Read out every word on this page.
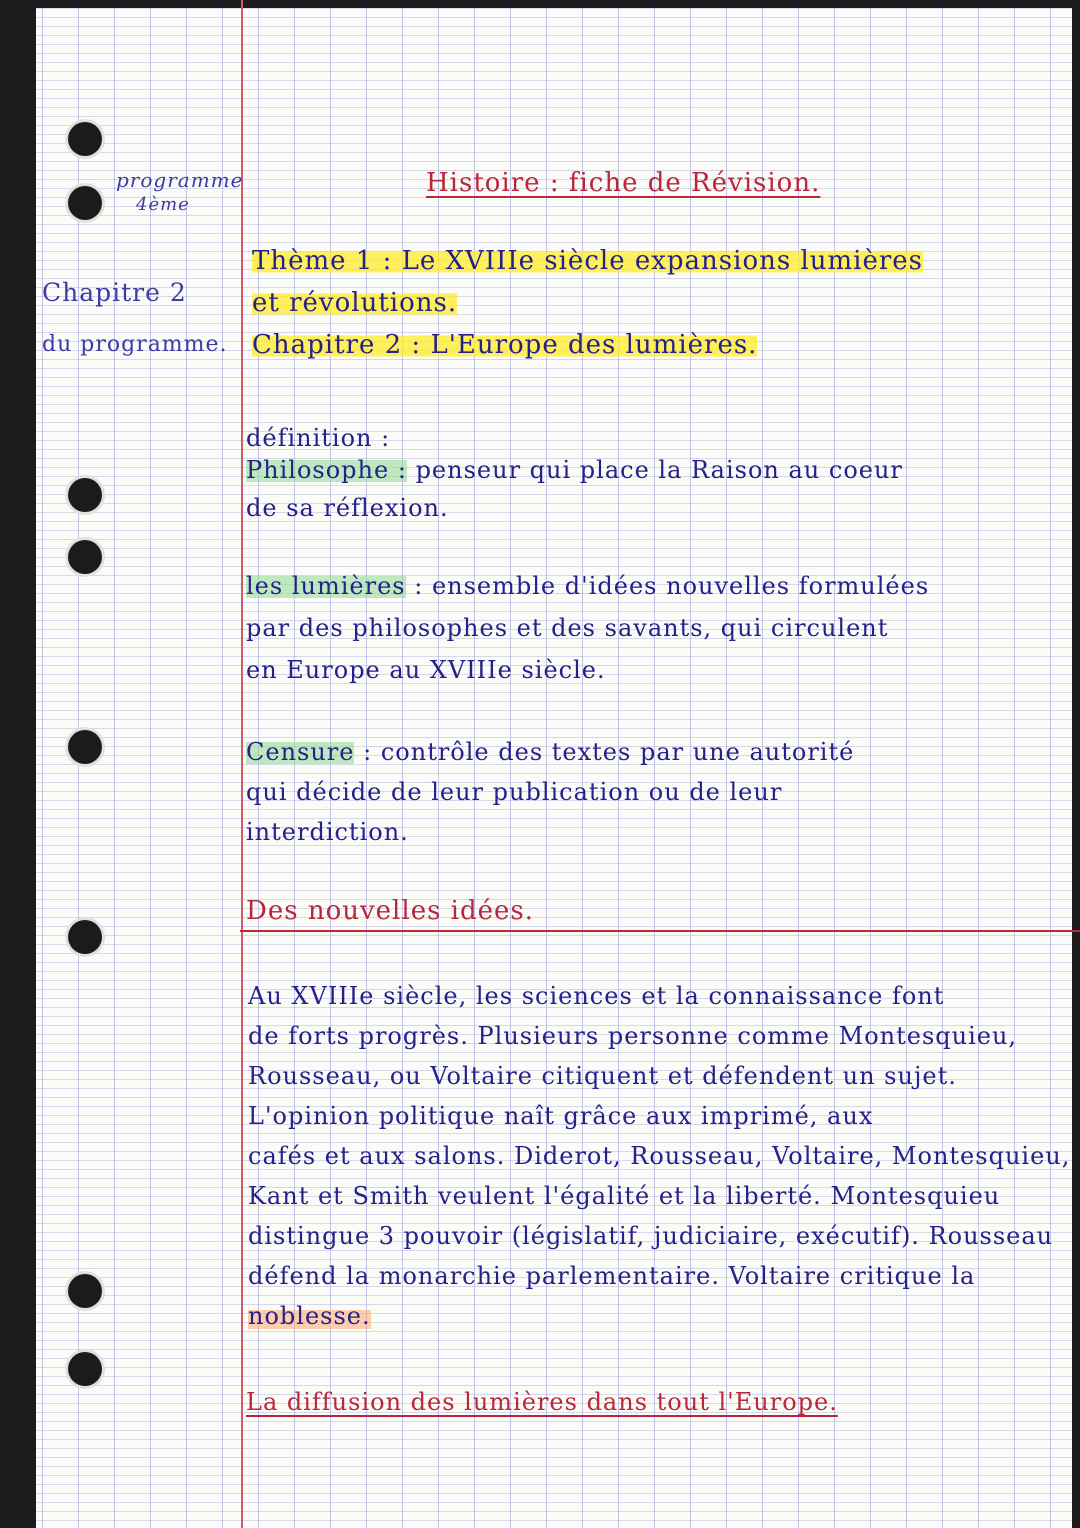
programme
4ème
Chapitre 2
du programme.
Histoire : fiche de Révision.
Thème 1 : Le XVIIIe siècle expansions lumières
et révolutions.
Chapitre 2 : L'Europe des lumières.
définition :
Philosophe : penseur qui place la Raison au coeur
de sa réflexion.
les lumières : ensemble d'idées nouvelles formulées
par des philosophes et des savants, qui circulent
en Europe au XVIIIe siècle.
Censure : contrôle des textes par une autorité
qui décide de leur publication ou de leur
interdiction.
Des nouvelles idées.
Au XVIIIe siècle, les sciences et la connaissance font
de forts progrès. Plusieurs personne comme Montesquieu,
Rousseau, ou Voltaire citiquent et défendent un sujet.
L'opinion politique naît grâce aux imprimé, aux
cafés et aux salons. Diderot, Rousseau, Voltaire, Montesquieu,
Kant et Smith veulent l'égalité et la liberté. Montesquieu
distingue 3 pouvoir (législatif, judiciaire, exécutif). Rousseau
défend la monarchie parlementaire. Voltaire critique la
noblesse.
La diffusion des lumières dans tout l'Europe.
